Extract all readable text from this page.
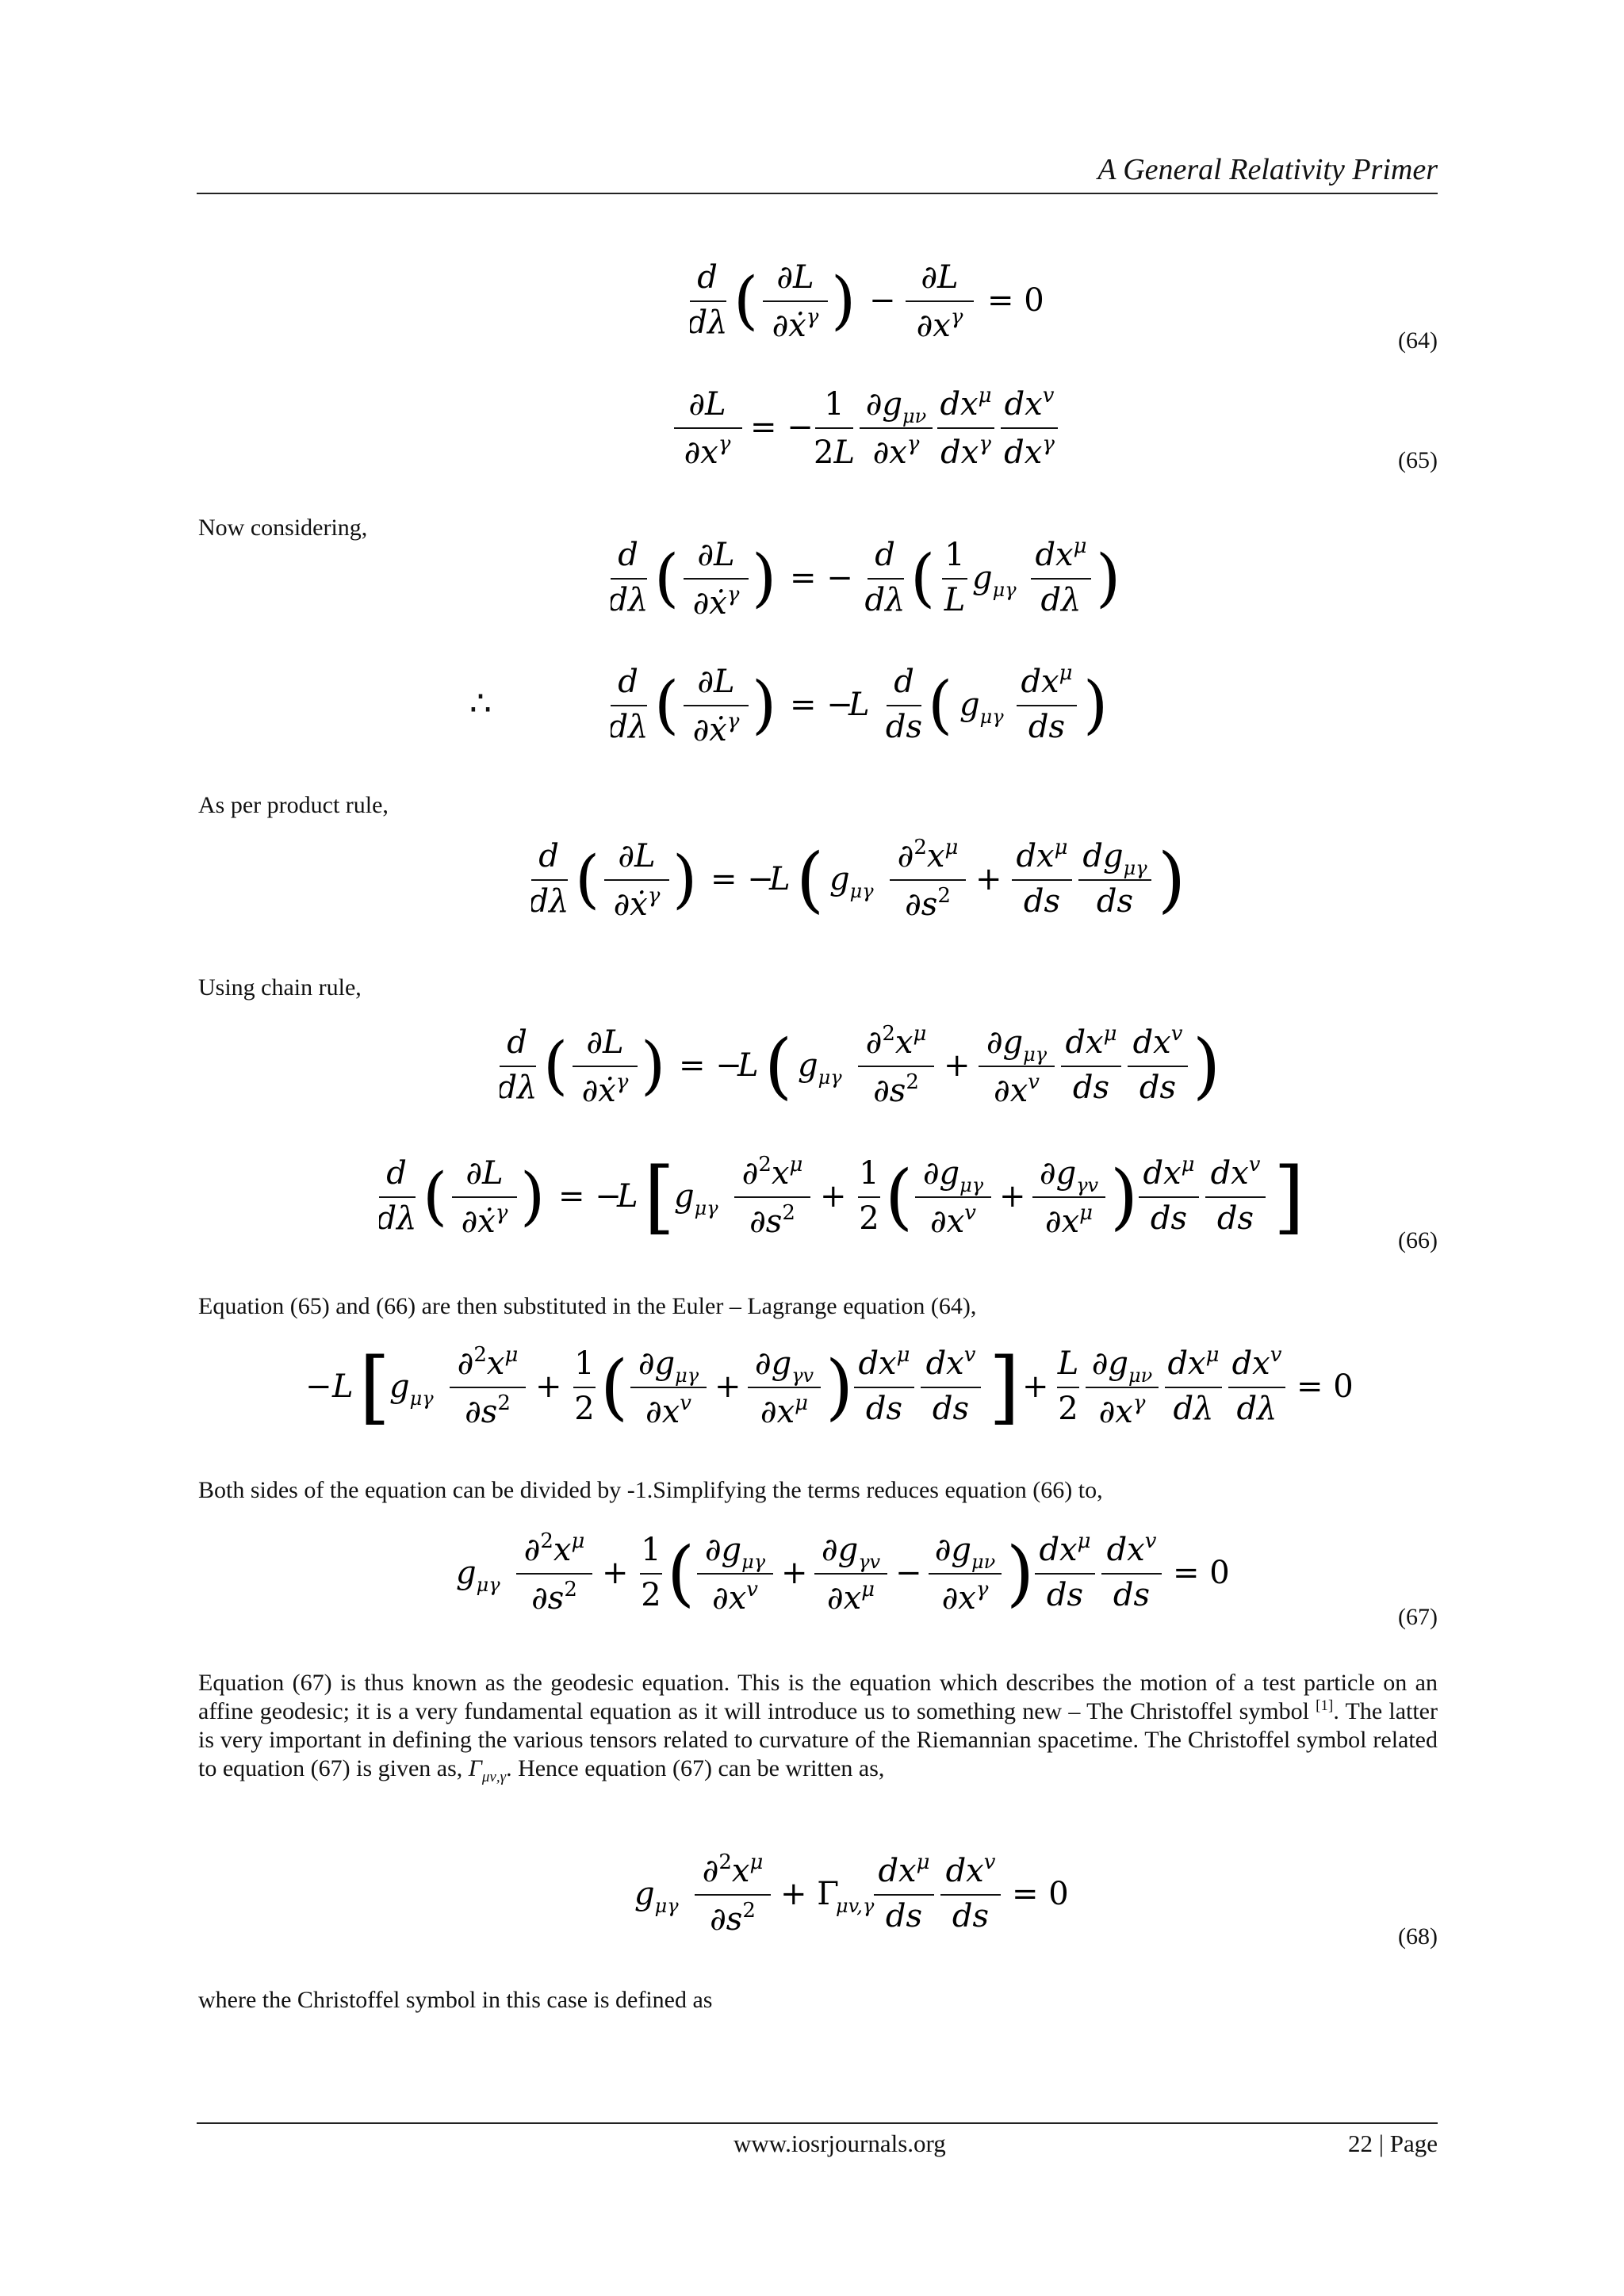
A General Relativity Primer
d
dλ ( ∂L
∂ẋ$^\gamma$ ) −
∂L
$\partial x^\gamma = 0$
(64)
∂L
$\partial x^\gamma$ = −
1
2L
$\partial g_{\mu\nu}$
$\partial x^\gamma$
$dx^\mu$
$dx^\gamma$
$dx^v$
$dx^\gamma$
(65)
Now considering,
d
dλ ( ∂L
∂ẋ$^\gamma$ ) = −
d
dλ ( 1
L
$g_{\mu\gamma}$
$dx^\mu$
dλ )
∴
d
dλ ( ∂L
∂ẋ$^\gamma$ ) = −
L
d
ds ( $g_{\mu\gamma}$
$dx^\mu$
ds )
As per product rule,
d
dλ ( ∂L
∂ẋ$^\gamma$ ) = −
L ( $g_{\mu\gamma}$
$\partial^2x^\mu$
$\partial s^2$ +
$dx^\mu$
ds
$dg_{\mu\gamma}$
ds )
Using chain rule,
d
dλ ( ∂L
∂ẋ$^\gamma$ ) = −
L ( $g_{\mu\gamma}$
$\partial^2x^\mu$
$\partial s^2$ +
$\partial g_{\mu\gamma}$
$\partial x^v$
$dx^\mu$
ds
$dx^v$
ds )
d
dλ ( ∂L
∂ẋ$^\gamma$ ) = −
L [
$g_{\mu\gamma}$
$\partial^2x^\mu$
$\partial s^2$ +
1
2 ( $\partial g_{\mu\gamma}$
$\partial x^v$ +
$\partial g_{\gamma v}$
$\partial x^\mu$ ) $dx^\mu$
ds
$dx^v$
ds ]	(66)
Equation (65) and (66) are then substituted in the Euler – Lagrange equation (64),
− L [
$g_{\mu\gamma}$
$\partial^2x^\mu$
$\partial s^2$ +
1
2 ( $\partial g_{\mu\gamma}$
$\partial x^v$ +
$\partial g_{\gamma v}$
$\partial x^\mu$ ) $dx^\mu$
ds
$dx^v$
ds ] +
L
2
$\partial g_{\mu\nu}$
$\partial x^\gamma$
$dx^\mu$
dλ
$dx^v$
dλ
= 0
Both sides of the equation can be divided by -1.Simplifying the terms reduces equation (66) to,
$g_{\mu\gamma}$
$\partial^2x^\mu$
$\partial s^2$ +
1
2 ( $\partial g_{\mu\gamma}$
$\partial x^v$ +
$\partial g_{\gamma v}$
$\partial x^\mu$ −
$\partial g_{\mu\nu}$
$\partial x^\gamma$ ) $dx^\mu$
ds
$dx^v$
ds
= 0
(67)
Equation (67) is thus known as the geodesic equation. This is the equation which describes the motion of a test particle on an affine geodesic; it is a very fundamental equation as it will introduce us to something new – The Christoffel symbol [1]. The latter is very important in defining the various tensors related to curvature of the Riemannian spacetime. The Christoffel symbol related to equation (67) is given as, $\Gamma_{\mu\nu,\gamma}$. Hence equation (67) can be written as,
$g_{\mu\gamma}$
$\partial^2x^\mu$
$\partial s^2 + \Gamma$
μv,γ
$dx^\mu$
ds
$dx^v$
ds
= 0
(68)
where the Christoffel symbol in this case is defined as
www.iosrjournals.org	22 | Page
